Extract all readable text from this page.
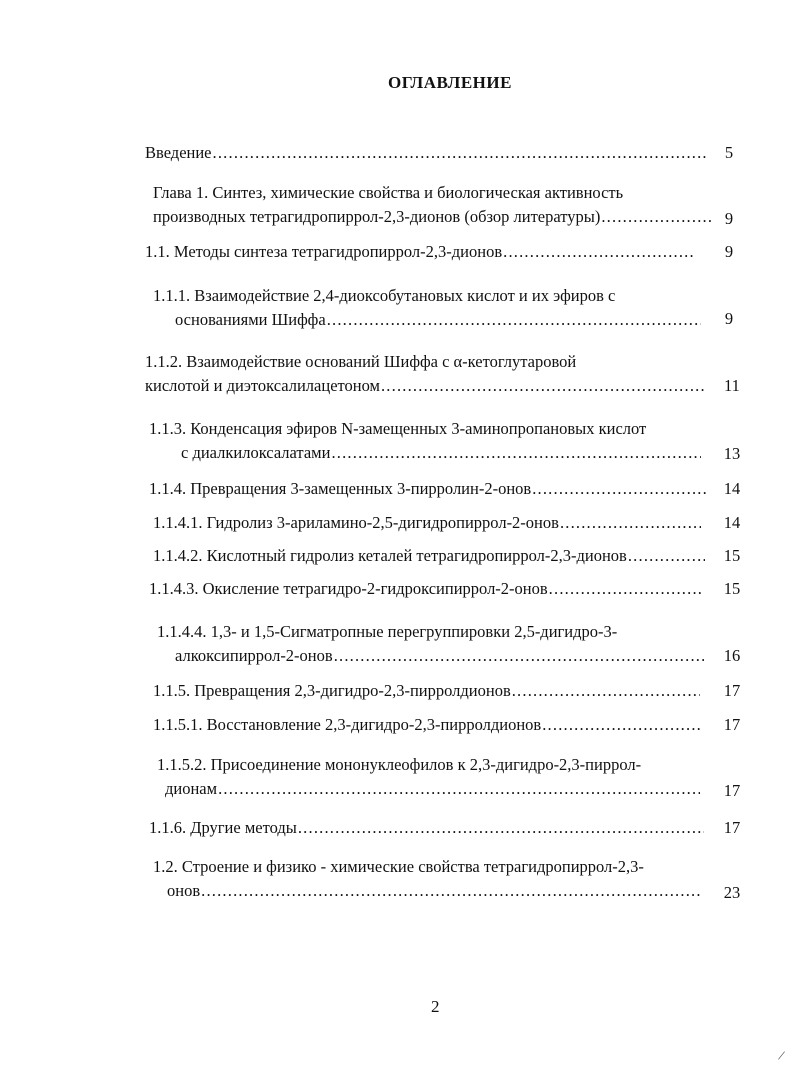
ОГЛАВЛЕНИЕ
Введение .....	5
Глава 1. Синтез, химические свойства и биологическая активность
производных тетрагидропиррол-2,3-дионов (обзор литературы) .....	9
1.1. Методы синтеза тетрагидропиррол-2,3-дионов .....	9
1.1.1. Взаимодействие 2,4-диоксобутановых кислот и их эфиров с
основаниями Шиффа .....	9
1.1.2. Взаимодействие оснований Шиффа с α-кетоглутаровой
кислотой и диэтоксалилацетоном .....	11
1.1.3. Конденсация эфиров N-замещенных 3-аминопропановых кислот
с диалкилоксалатами .....	13
1.1.4. Превращения 3-замещенных 3-пирролин-2-онов .....	14
1.1.4.1. Гидролиз 3-ариламино-2,5-дигидропиррол-2-онов .....	14
1.1.4.2. Кислотный гидролиз кеталей тетрагидропиррол-2,3-дионов .....	15
1.1.4.3. Окисление тетрагидро-2-гидроксипиррол-2-онов .....	15
1.1.4.4. 1,3- и 1,5-Сигматропные перегруппировки 2,5-дигидро-3-
алкоксипиррол-2-онов .....	16
1.1.5. Превращения 2,3-дигидро-2,3-пирролдионов .....	17
1.1.5.1. Восстановление 2,3-дигидро-2,3-пирролдионов .....	17
1.1.5.2. Присоединение мононуклеофилов к 2,3-дигидро-2,3-пиррол-
дионам .....	17
1.1.6. Другие методы .....	17
1.2. Строение и физико - химические свойства тетрагидропиррол-2,3-
онов .....	23
2
/
